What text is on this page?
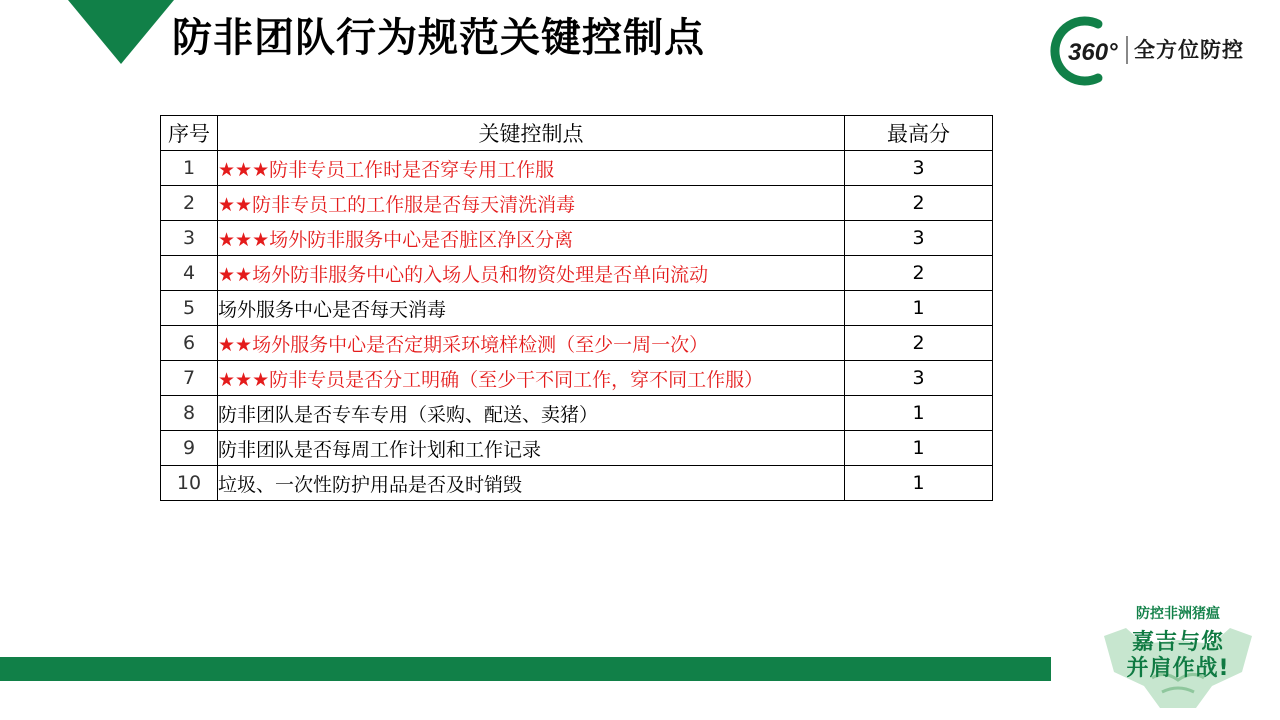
防非团队行为规范关键控制点	360° 全方位防控
序号	关键控制点	最高分
1	★★★防非专员工作时是否穿专用工作服	3
2	★★防非专员工的工作服是否每天清洗消毒	2
3	★★★场外防非服务中心是否脏区净区分离	3
4	★★场外防非服务中心的入场人员和物资处理是否单向流动	2
5	场外服务中心是否每天消毒	1
6	★★场外服务中心是否定期采环境样检测（至少一周一次）	2
7	★★★防非专员是否分工明确（至少干不同工作，穿不同工作服）	3
8	防非团队是否专车专用（采购、配送、卖猪）	1
9	防非团队是否每周工作计划和工作记录	1
10	垃圾、一次性防护用品是否及时销毁	1
防控非洲猪瘟
嘉吉与您
并肩作战!
